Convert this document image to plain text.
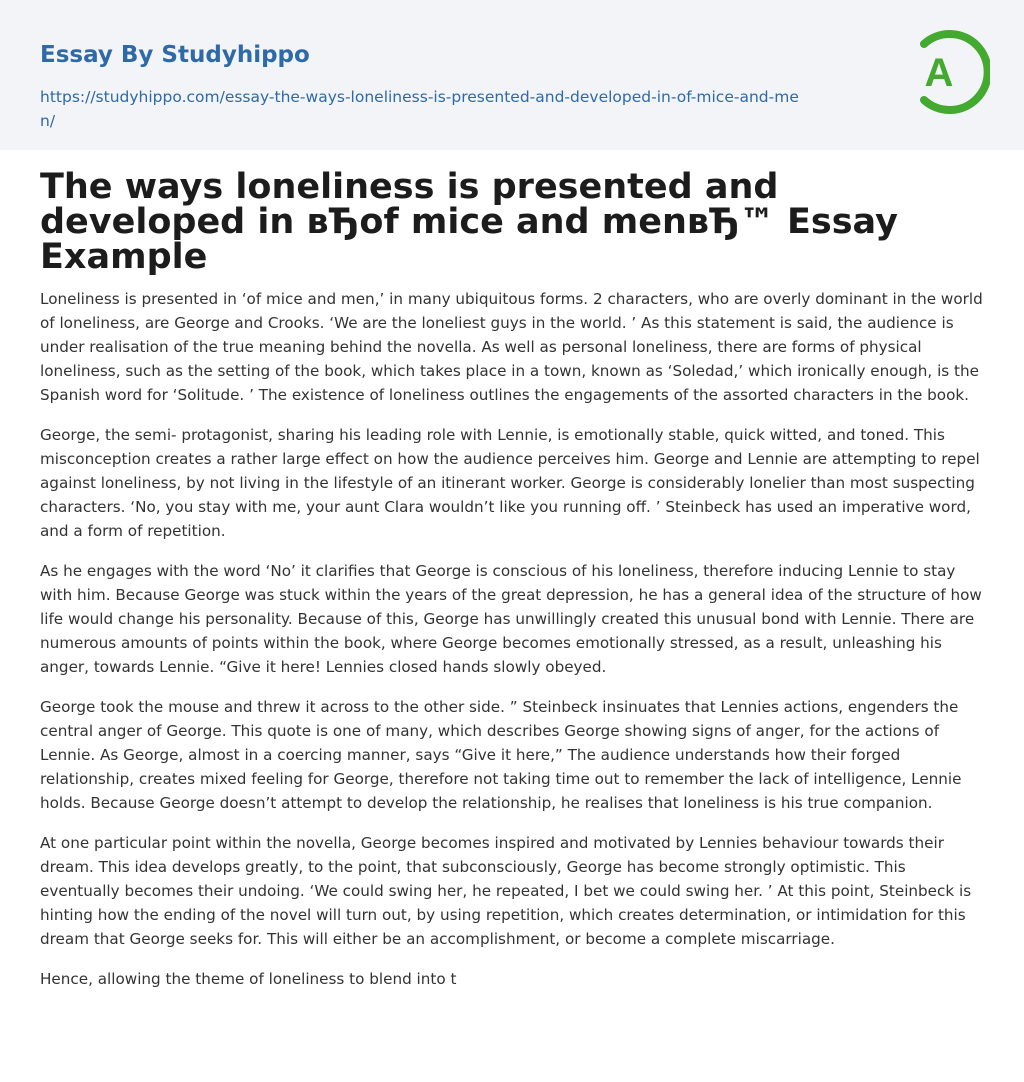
Essay By Studyhippo
https://studyhippo.com/essay-the-ways-loneliness-is-presented-and-developed-in-of-mice-and-men/
A
The ways loneliness is presented and developed in вЂof mice and menвЂ™ Essay Example

Loneliness is presented in ‘of mice and men,’ in many ubiquitous forms. 2 characters, who are overly dominant in the world of loneliness, are George and Crooks. ‘We are the loneliest guys in the world. ’ As this statement is said, the audience is under realisation of the true meaning behind the novella. As well as personal loneliness, there are forms of physical loneliness, such as the setting of the book, which takes place in a town, known as ‘Soledad,’ which ironically enough, is the Spanish word for ‘Solitude. ’ The existence of loneliness outlines the engagements of the assorted characters in the book.

George, the semi- protagonist, sharing his leading role with Lennie, is emotionally stable, quick witted, and toned. This misconception creates a rather large effect on how the audience perceives him. George and Lennie are attempting to repel against loneliness, by not living in the lifestyle of an itinerant worker. George is considerably lonelier than most suspecting characters. ‘No, you stay with me, your aunt Clara wouldn’t like you running off. ’ Steinbeck has used an imperative word, and a form of repetition.

As he engages with the word ‘No’ it clarifies that George is conscious of his loneliness, therefore inducing Lennie to stay with him. Because George was stuck within the years of the great depression, he has a general idea of the structure of how life would change his personality. Because of this, George has unwillingly created this unusual bond with Lennie. There are numerous amounts of points within the book, where George becomes emotionally stressed, as a result, unleashing his anger, towards Lennie. “Give it here! Lennies closed hands slowly obeyed.

George took the mouse and threw it across to the other side. ” Steinbeck insinuates that Lennies actions, engenders the central anger of George. This quote is one of many, which describes George showing signs of anger, for the actions of Lennie. As George, almost in a coercing manner, says “Give it here,” The audience understands how their forged relationship, creates mixed feeling for George, therefore not taking time out to remember the lack of intelligence, Lennie holds. Because George doesn’t attempt to develop the relationship, he realises that loneliness is his true companion.

At one particular point within the novella, George becomes inspired and motivated by Lennies behaviour towards their dream. This idea develops greatly, to the point, that subconsciously, George has become strongly optimistic. This eventually becomes their undoing. ‘We could swing her, he repeated, I bet we could swing her. ’ At this point, Steinbeck is hinting how the ending of the novel will turn out, by using repetition, which creates determination, or intimidation for this dream that George seeks for. This will either be an accomplishment, or become a complete miscarriage.

Hence, allowing the theme of loneliness to blend into t
